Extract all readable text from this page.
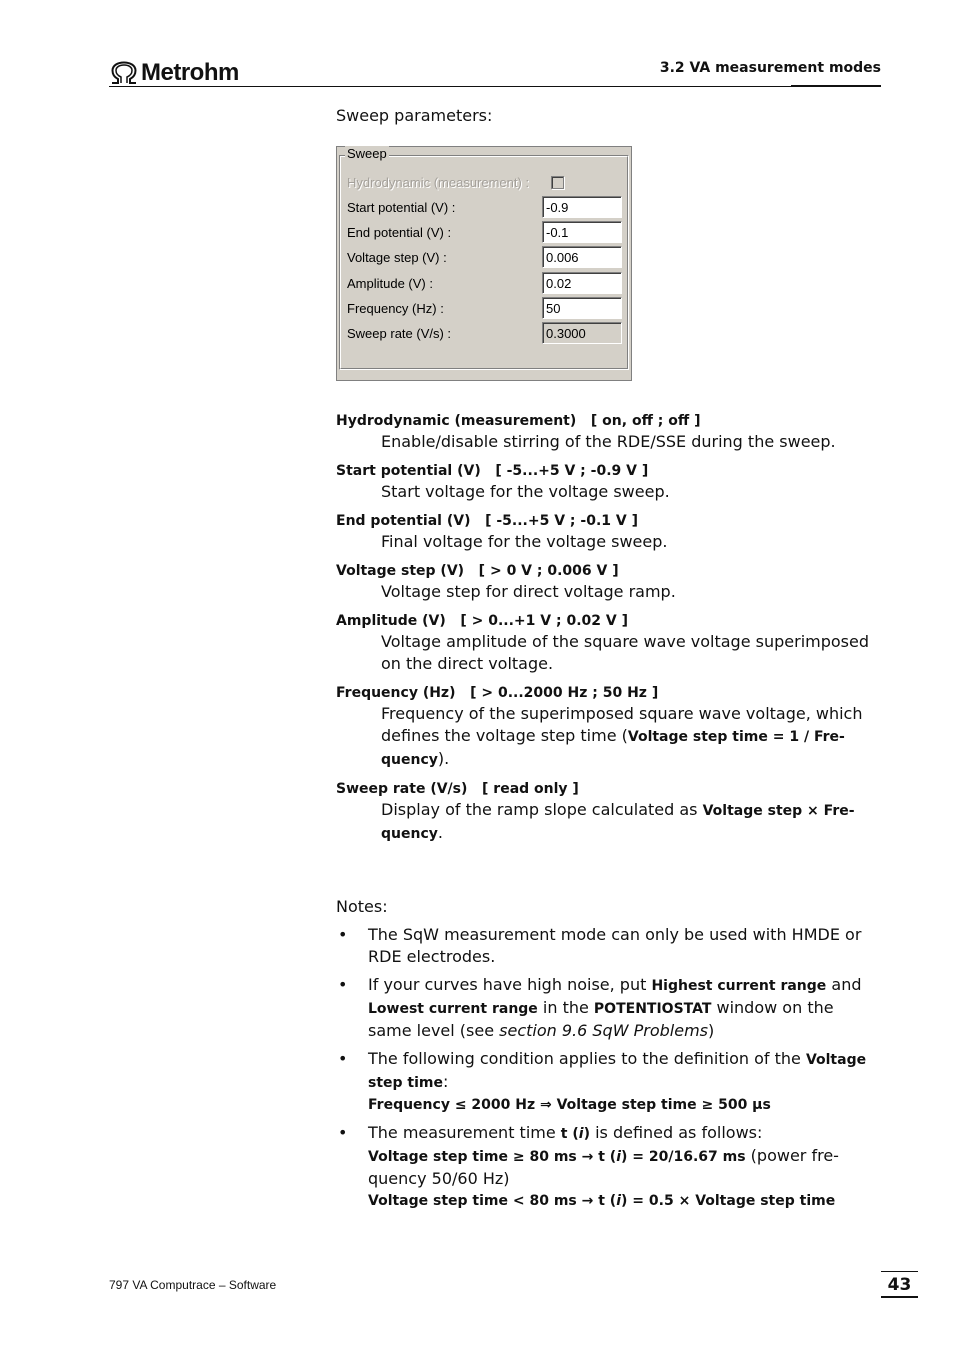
Metrohm	3.2 VA measurement modes

Sweep parameters:

Sweep
Hydrodynamic (measurement) :
Start potential (V) :
-0.9
End potential (V) :
-0.1
Voltage step (V) :
0.006
Amplitude (V) :
0.02
Frequency (Hz) :
50
Sweep rate (V/s) :
0.3000
Hydrodynamic (measurement)   [ on, off ; off ]
Enable/disable stirring of the RDE/SSE during the sweep.
Start potential (V)   [ -5...+5 V ; -0.9 V ]
Start voltage for the voltage sweep.
End potential (V)   [ -5...+5 V ; -0.1 V ]
Final voltage for the voltage sweep.
Voltage step (V)   [ > 0 V ; 0.006 V ]
Voltage step for direct voltage ramp.
Amplitude (V)   [ > 0...+1 V ; 0.02 V ]
Voltage amplitude of the square wave voltage superimposed on the direct voltage.
Frequency (Hz)   [ > 0...2000 Hz ; 50 Hz ]
Frequency of the superimposed square wave voltage, which defines the voltage step time (Voltage step time = 1 / Fre-quency).
Sweep rate (V/s)   [ read only ]
Display of the ramp slope calculated as Voltage step × Fre-quency.

Notes:

• The SqW measurement mode can only be used with HMDE or RDE electrodes.
• If your curves have high noise, put Highest current range and Lowest current range in the POTENTIOSTAT window on the same level (see section 9.6 SqW Problems)
• The following condition applies to the definition of the Voltage step time:
Frequency ≤ 2000 Hz ⇒ Voltage step time ≥ 500 µs
• The measurement time t (i) is defined as follows:
Voltage step time ≥ 80 ms → t (i) = 20/16.67 ms (power fre-quency 50/60 Hz)
Voltage step time < 80 ms → t (i) = 0.5 × Voltage step time
797 VA Computrace – Software	43
